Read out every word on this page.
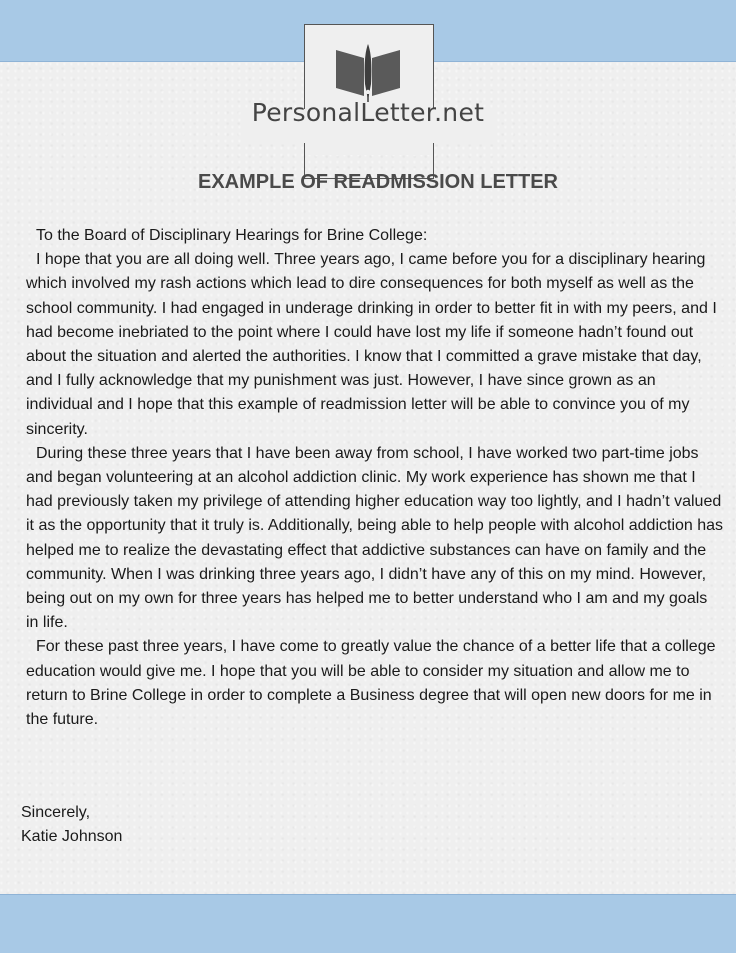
PersonalLetter.net
EXAMPLE OF READMISSION LETTER

To the Board of Disciplinary Hearings for Brine College:

I hope that you are all doing well. Three years ago, I came before you for a disciplinary hearing which involved my rash actions which lead to dire consequences for both myself as well as the school community. I had engaged in underage drinking in order to better fit in with my peers, and I had become inebriated to the point where I could have lost my life if someone hadn’t found out about the situation and alerted the authorities. I know that I committed a grave mistake that day, and I fully acknowledge that my punishment was just. However, I have since grown as an individual and I hope that this example of readmission letter will be able to convince you of my sincerity.

During these three years that I have been away from school, I have worked two part-time jobs and began volunteering at an alcohol addiction clinic. My work experience has shown me that I had previously taken my privilege of attending higher education way too lightly, and I hadn’t valued it as the opportunity that it truly is. Additionally, being able to help people with alcohol addiction has helped me to realize the devastating effect that addictive substances can have on family and the community. When I was drinking three years ago, I didn’t have any of this on my mind. However, being out on my own for three years has helped me to better understand who I am and my goals in life.

For these past three years, I have come to greatly value the chance of a better life that a college education would give me. I hope that you will be able to consider my situation and allow me to return to Brine College in order to complete a Business degree that will open new doors for me in the future.

Sincerely,
Katie Johnson
